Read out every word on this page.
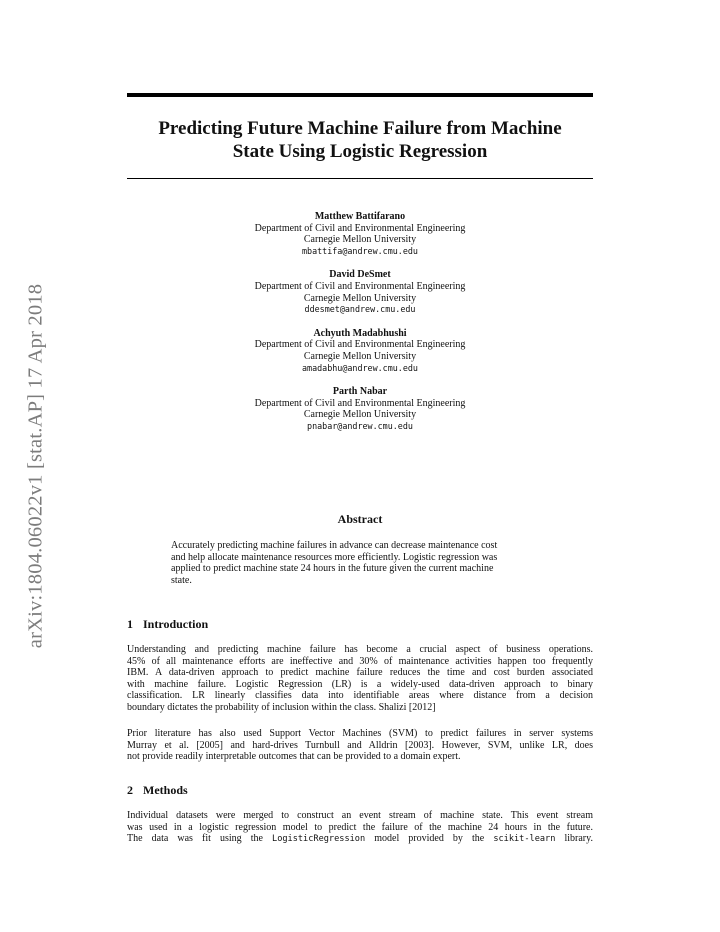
arXiv:1804.06022v1 [stat.AP] 17 Apr 2018
Predicting Future Machine Failure from Machine
State Using Logistic Regression
Matthew Battifarano
Department of Civil and Environmental Engineering
Carnegie Mellon University
mbattifa@andrew.cmu.edu
David DeSmet
Department of Civil and Environmental Engineering
Carnegie Mellon University
ddesmet@andrew.cmu.edu
Achyuth Madabhushi
Department of Civil and Environmental Engineering
Carnegie Mellon University
amadabhu@andrew.cmu.edu
Parth Nabar
Department of Civil and Environmental Engineering
Carnegie Mellon University
pnabar@andrew.cmu.edu
Abstract
Accurately predicting machine failures in advance can decrease maintenance cost
and help allocate maintenance resources more efficiently. Logistic regression was
applied to predict machine state 24 hours in the future given the current machine
state.
1 Introduction
Understanding and predicting machine failure has become a crucial aspect of business operations.
45% of all maintenance efforts are ineffective and 30% of maintenance activities happen too frequently
IBM. A data-driven approach to predict machine failure reduces the time and cost burden associated
with machine failure. Logistic Regression (LR) is a widely-used data-driven approach to binary
classification. LR linearly classifies data into identifiable areas where distance from a decision
boundary dictates the probability of inclusion within the class. Shalizi [2012]
Prior literature has also used Support Vector Machines (SVM) to predict failures in server systems
Murray et al. [2005] and hard-drives Turnbull and Alldrin [2003]. However, SVM, unlike LR, does
not provide readily interpretable outcomes that can be provided to a domain expert.
2 Methods
Individual datasets were merged to construct an event stream of machine state. This event stream
was used in a logistic regression model to predict the failure of the machine 24 hours in the future.
The data was fit using the LogisticRegression model provided by the scikit-learn library.
